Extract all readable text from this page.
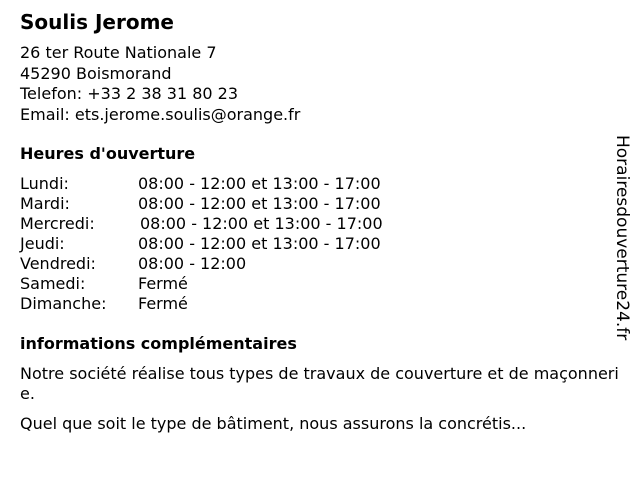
Soulis Jerome
26 ter Route Nationale 7
45290 Boismorand
Telefon: +33 2 38 31 80 23
Email: ets.jerome.soulis@orange.fr
Heures d'ouverture
Lundi:	08:00 - 12:00 et 13:00 - 17:00
Mardi:	08:00 - 12:00 et 13:00 - 17:00
Mercredi:	08:00 - 12:00 et 13:00 - 17:00
Jeudi:	08:00 - 12:00 et 13:00 - 17:00
Vendredi:	08:00 - 12:00
Samedi:	Fermé
Dimanche: Fermé
informations complémentaires

Notre société réalise tous types de travaux de couverture et de maçonnerie.

Quel que soit le type de bâtiment, nous assurons la concrétis...

Horairesdouverture24.fr
